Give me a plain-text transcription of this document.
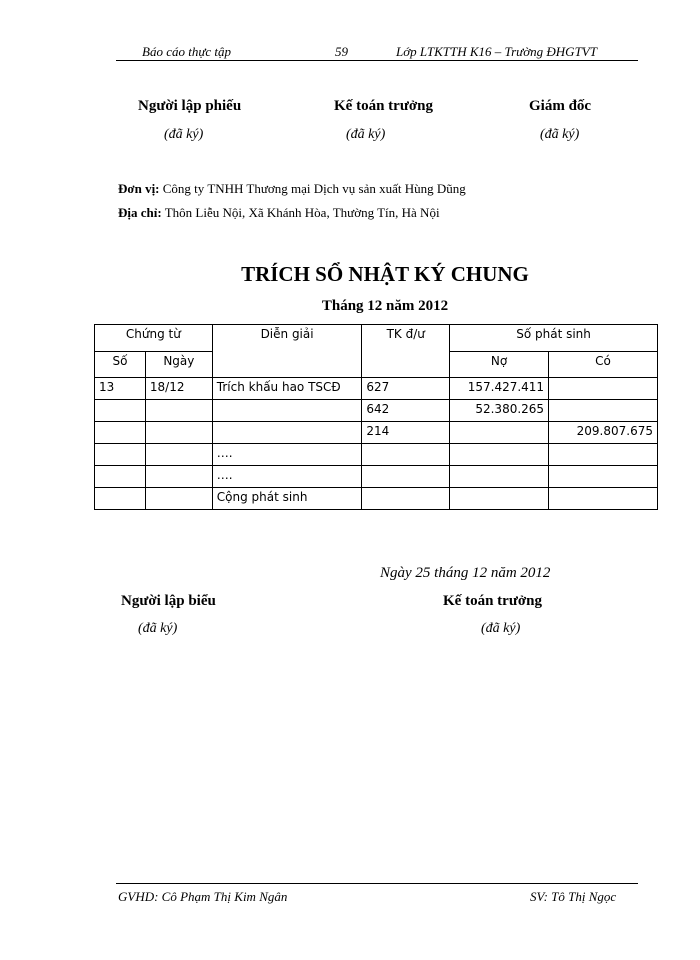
Báo cáo thực tập	59	Lớp LTKTTH K16 – Trường ĐHGTVT
Người lập phiếu
(đã ký)
Kế toán trưởng
(đã ký)
Giám đốc
(đã ký)
Đơn vị: Công ty TNHH Thương mại Dịch vụ sản xuất Hùng Dũng
Địa chỉ: Thôn Liễu Nội, Xã Khánh Hòa, Thường Tín, Hà Nội
TRÍCH SỔ NHẬT KÝ CHUNG
Tháng 12 năm 2012
Chứng từ		Diễn giải	TK đ/ư	Số phát sinh	
Số	Ngày			Nợ	Có
13	18/12	Trích khấu hao TSCĐ	627	157.427.411	
			642	52.380.265	
			214		209.807.675
		….			
		….			
		Cộng phát sinh			
Ngày 25 tháng 12 năm 2012
Người lập biểu
(đã ký)
Kế toán trưởng
(đã ký)
GVHD: Cô Phạm Thị Kim Ngân	SV: Tô Thị Ngọc
